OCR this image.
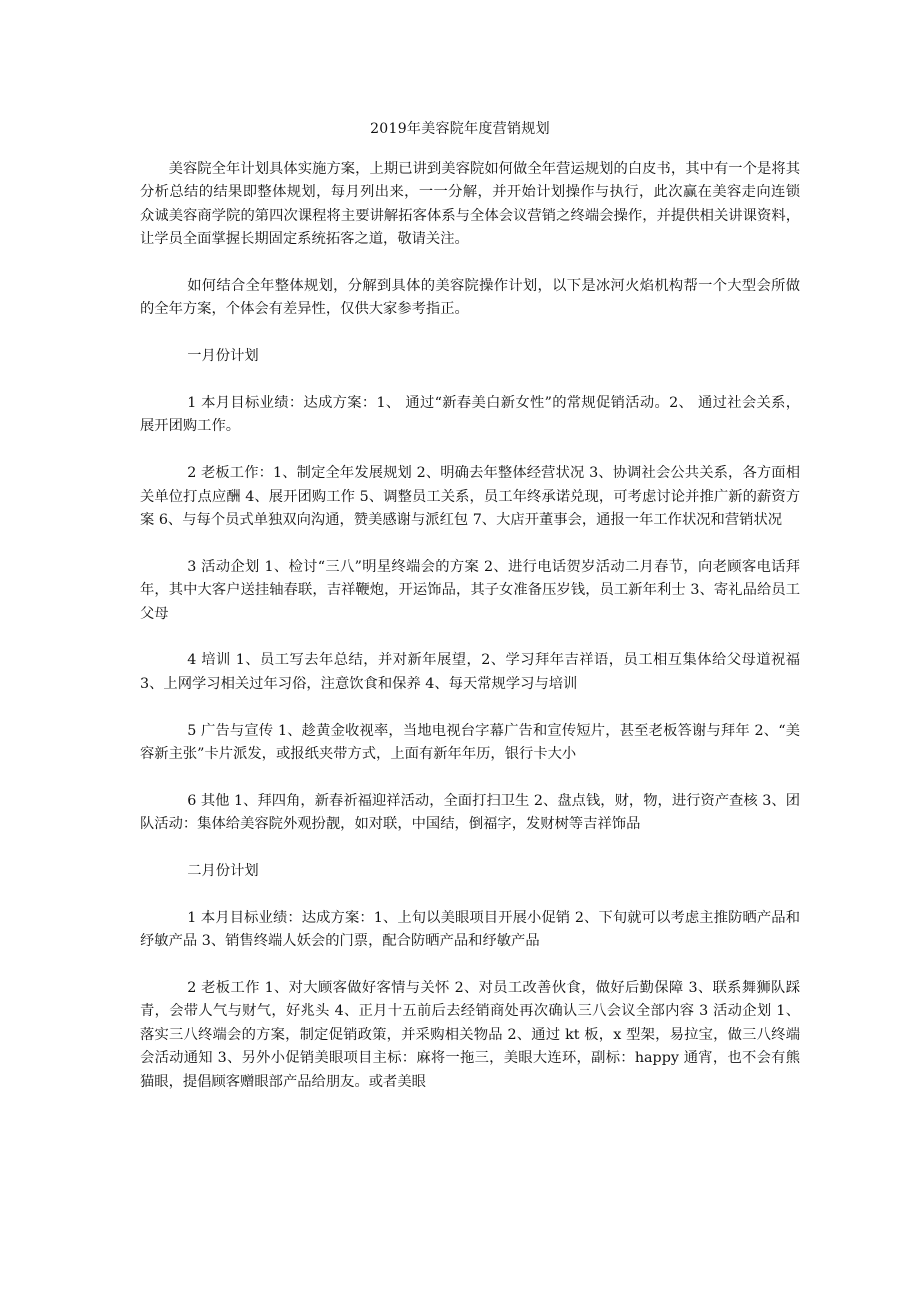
2019年美容院年度营销规划

美容院全年计划具体实施方案，上期已讲到美容院如何做全年营运规划的白皮书，其中有一个是将其分析总结的结果即整体规划，每月列出来，一一分解，并开始计划操作与执行，此次赢在美容走向连锁 众诚美容商学院的第四次课程将主要讲解拓客体系与全体会议营销之终端会操作，并提供相关讲课资料，让学员全面掌握长期固定系统拓客之道，敬请关注。

如何结合全年整体规划，分解到具体的美容院操作计划，以下是冰河火焰机构帮一个大型会所做的全年方案，个体会有差异性，仅供大家参考指正。

一月份计划

1 本月目标业绩：达成方案：1、 通过“新春美白新女性”的常规促销活动。2、 通过社会关系，展开团购工作。

2 老板工作：1、制定全年发展规划 2、明确去年整体经营状况 3、协调社会公共关系，各方面相关单位打点应酬 4、展开团购工作 5、调整员工关系，员工年终承诺兑现，可考虑讨论并推广新的薪资方案 6、与每个员式单独双向沟通，赞美感谢与派红包 7、大店开董事会，通报一年工作状况和营销状况

3 活动企划 1、检讨“三八”明星终端会的方案 2、进行电话贺岁活动二月春节，向老顾客电话拜年，其中大客户送挂轴春联，吉祥鞭炮，开运饰品，其子女准备压岁钱，员工新年利士 3、寄礼品给员工父母

4 培训 1、员工写去年总结，并对新年展望，2、学习拜年吉祥语，员工相互集体给父母道祝福 3、上网学习相关过年习俗，注意饮食和保养 4、每天常规学习与培训

5 广告与宣传 1、趁黄金收视率，当地电视台字幕广告和宣传短片，甚至老板答谢与拜年 2、“美容新主张”卡片派发，或报纸夹带方式，上面有新年年历，银行卡大小

6 其他 1、拜四角，新春祈福迎祥活动，全面打扫卫生 2、盘点钱，财，物，进行资产查核 3、团队活动：集体给美容院外观扮靓，如对联，中国结，倒福字，发财树等吉祥饰品

二月份计划

1 本月目标业绩：达成方案：1、上旬以美眼项目开展小促销 2、下旬就可以考虑主推防晒产品和纾敏产品 3、销售终端人妖会的门票，配合防晒产品和纾敏产品

2 老板工作 1、对大顾客做好客情与关怀 2、对员工改善伙食，做好后勤保障 3、联系舞狮队踩青，会带人气与财气，好兆头 4、正月十五前后去经销商处再次确认三八会议全部内容 3 活动企划 1、落实三八终端会的方案，制定促销政策，并采购相关物品 2、通过 kt 板，x 型架，易拉宝，做三八终端会活动通知 3、另外小促销美眼项目主标：麻将一拖三，美眼大连环，副标：happy 通宵，也不会有熊猫眼，提倡顾客赠眼部产品给朋友。或者美眼
